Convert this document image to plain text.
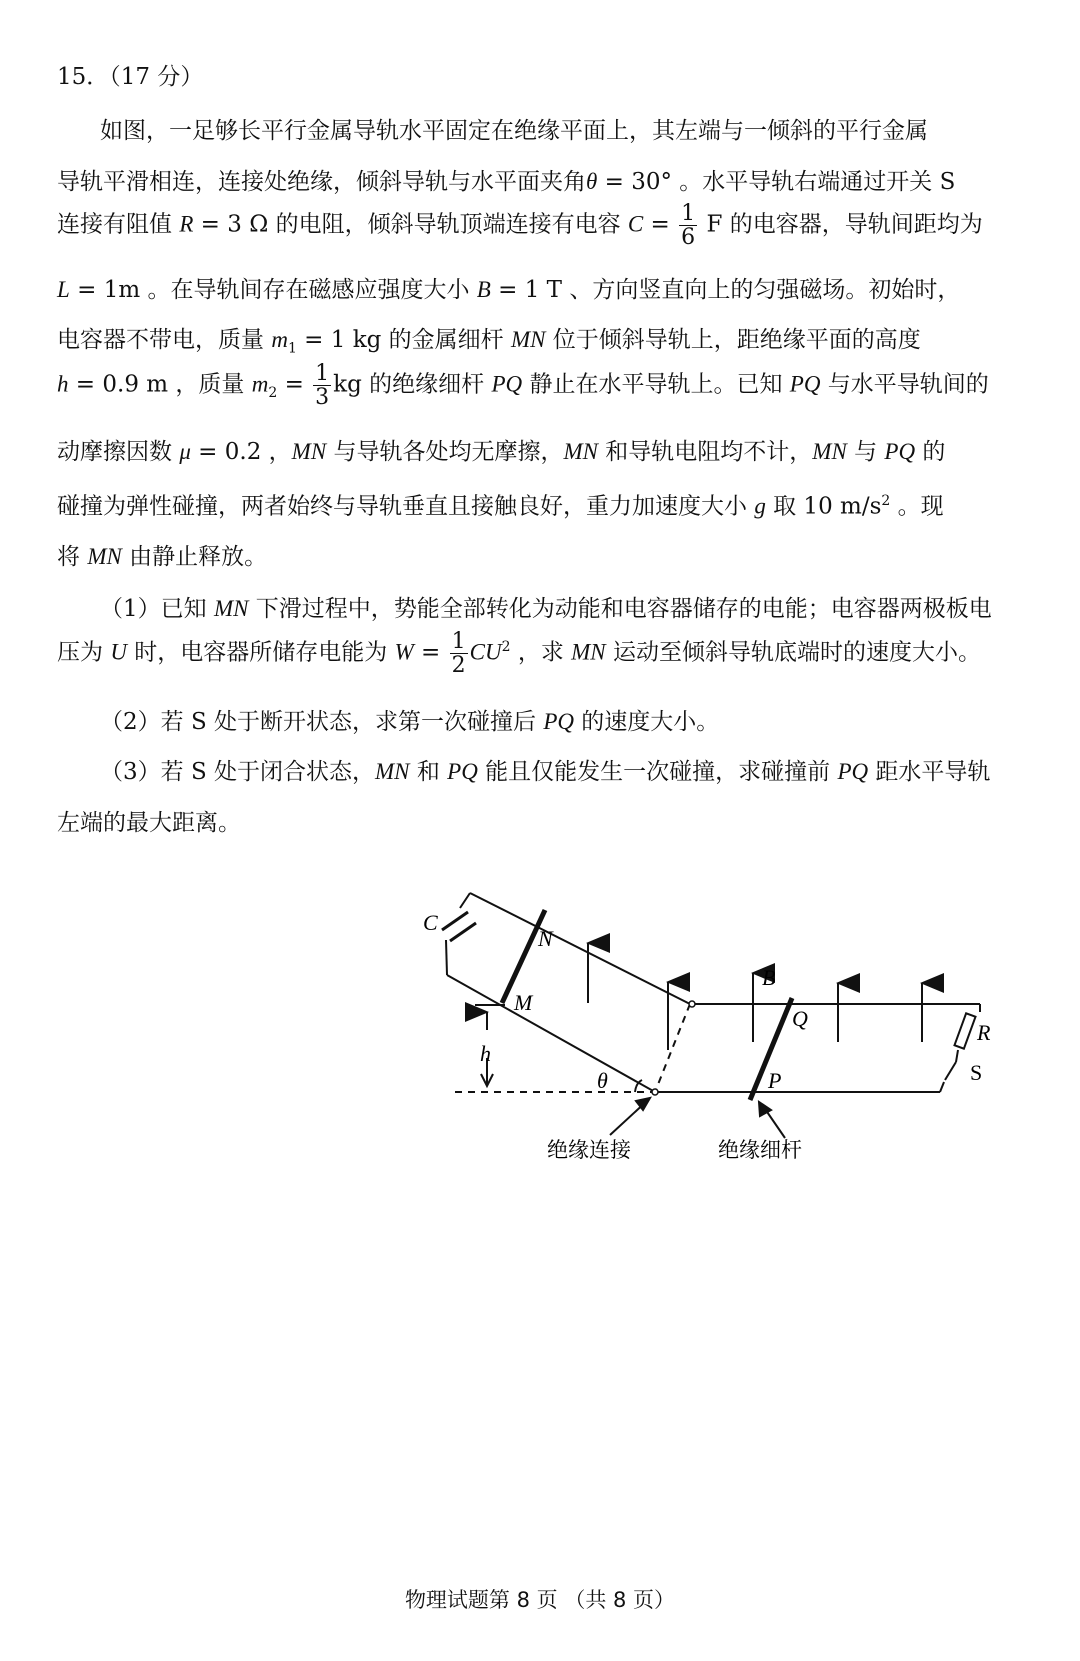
15．（17 分）
如图，一足够长平行金属导轨水平固定在绝缘平面上，其左端与一倾斜的平行金属
导轨平滑相连，连接处绝缘，倾斜导轨与水平面夹角θ = 30° 。水平导轨右端通过开关 S
连接有阻值 R = 3 Ω 的电阻，倾斜导轨顶端连接有电容 $C = \frac{1}{6}$ F 的电容器，导轨间距均为
L = 1m 。在导轨间存在磁感应强度大小 B = 1 T 、方向竖直向上的匀强磁场。初始时，
电容器不带电，质量 $m_1 = 1$ kg 的金属细杆 MN 位于倾斜导轨上，距绝缘平面的高度
h = 0.9 m ，质量 $m_2 = \frac{1}{3}$ kg 的绝缘细杆 PQ 静止在水平导轨上。已知 PQ 与水平导轨间的
动摩擦因数 μ = 0.2 ，MN 与导轨各处均无摩擦，MN 和导轨电阻均不计，MN 与 PQ 的
碰撞为弹性碰撞，两者始终与导轨垂直且接触良好，重力加速度大小 g 取 10 $m/s^2$ 。现
将 MN 由静止释放。
（1）已知 MN 下滑过程中，势能全部转化为动能和电容器储存的电能；电容器两极板电
压为 U 时，电容器所储存电能为 $W = \frac{1}{2} CU^2$ ，求 MN 运动至倾斜导轨底端时的速度大小。
（2）若 S 处于断开状态，求第一次碰撞后 PQ 的速度大小。
（3）若 S 处于闭合状态，MN 和 PQ 能且仅能发生一次碰撞，求碰撞前 PQ 距水平导轨
左端的最大距离。
C
N
M
h
θ
B
Q
P
R
S
绝缘连接	绝缘细杆
物理试题第 8 页 （共 8 页）
